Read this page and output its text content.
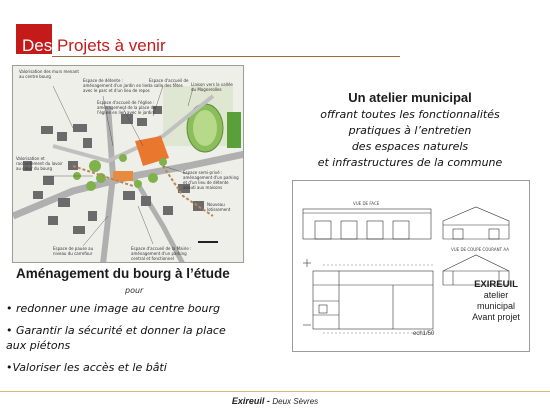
Des Projets à venir
Valorisation des murs menant
au centre bourg
Espace de détente :
aménagement d'un jardin en lien
avec le parc et d'un lieu de repos
Espace d'accueil de
la salle des fêtes	Liaison vers la vallée
du Magnerolles
Espace d'accueil de l'église :
aménagement de la place de
l'église en lien avec le jardin
Valorisation et
raccordement du lavoir
au cœur du bourg
Espace semi-privé :
aménagement d'un parking
et d'un lieu de détente
abouti aux maisons
Nouveau
lotissement
Espace de pause au
niveau du carrefour
Espace d'accueil de la Mairie :
aménagement d'un parking
central et fonctionnel
Aménagement du bourg à l’étude
pour
• redonner une image au centre bourg
• Garantir la sécurité et donner la place
aux piétons
•Valoriser les accès et le bâti
Un atelier municipal
offrant toutes les fonctionnalités
pratiques à l’entretien
des espaces naturels
et infrastructures de la commune
VUE DE FACE
VUE DE COUPE COURANT AA
EXIREUIL
atelier
municipal
Avant projet
ech1/50
Exireuil - Deux Sèvres
